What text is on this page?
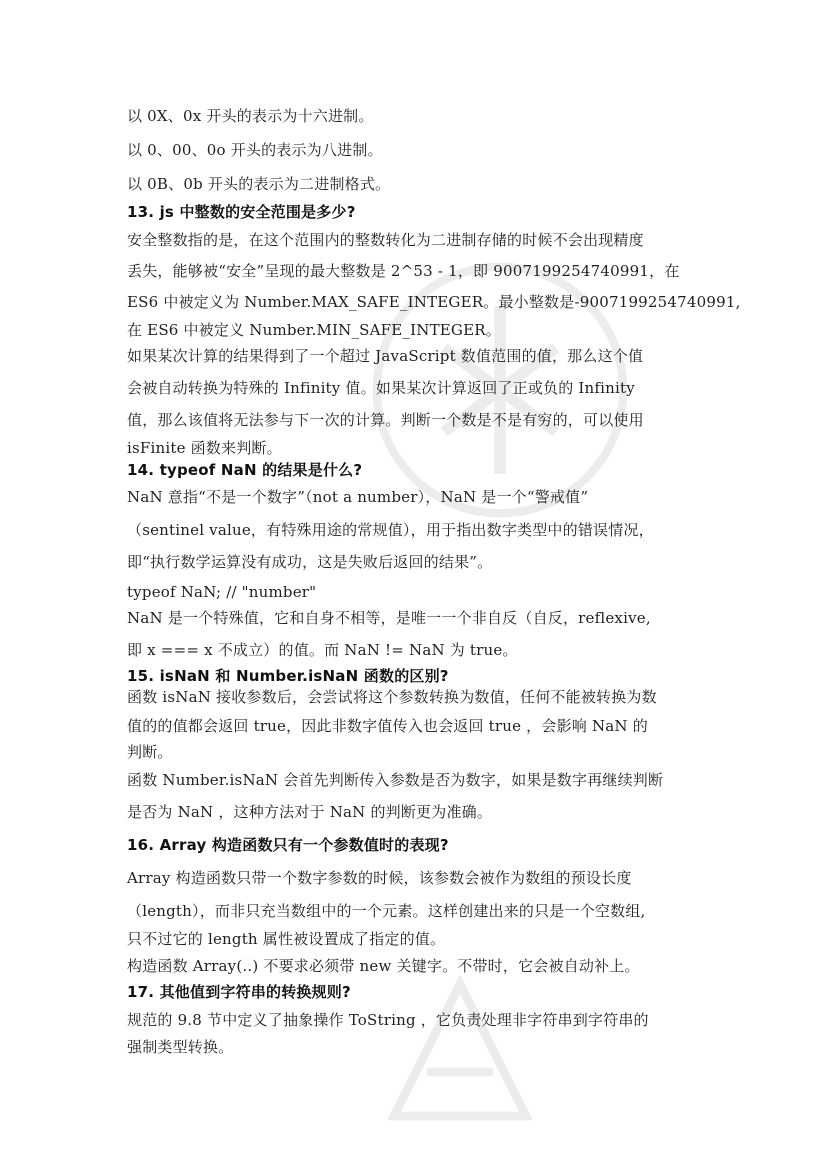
以 0X、0x 开头的表示为十六进制。
以 0、00、0o 开头的表示为八进制。
以 0B、0b 开头的表示为二进制格式。
13. js 中整数的安全范围是多少?
安全整数指的是，在这个范围内的整数转化为二进制存储的时候不会出现精度
丢失，能够被“安全”呈现的最大整数是 2^53 - 1，即 9007199254740991，在
ES6 中被定义为 Number.MAX_SAFE_INTEGER。最小整数是-9007199254740991,
在 ES6 中被定义 Number.MIN_SAFE_INTEGER。
如果某次计算的结果得到了一个超过 JavaScript 数值范围的值，那么这个值
会被自动转换为特殊的 Infinity 值。如果某次计算返回了正或负的 Infinity
值，那么该值将无法参与下一次的计算。判断一个数是不是有穷的，可以使用
isFinite 函数来判断。
14. typeof NaN 的结果是什么?
NaN 意指“不是一个数字”（not a number），NaN 是一个“警戒值”
（sentinel value，有特殊用途的常规值），用于指出数字类型中的错误情况，
即“执行数学运算没有成功，这是失败后返回的结果”。
typeof NaN; // "number"
NaN 是一个特殊值，它和自身不相等，是唯一一个非自反（自反，reflexive,
即 x === x 不成立）的值。而 NaN != NaN 为 true。
15. isNaN 和 Number.isNaN 函数的区别?
函数 isNaN 接收参数后，会尝试将这个参数转换为数值，任何不能被转换为数
值的的值都会返回 true，因此非数字值传入也会返回 true ，会影响 NaN 的
判断。
函数 Number.isNaN 会首先判断传入参数是否为数字，如果是数字再继续判断
是否为 NaN ，这种方法对于 NaN 的判断更为准确。
16. Array 构造函数只有一个参数值时的表现?
Array 构造函数只带一个数字参数的时候，该参数会被作为数组的预设长度
（length），而非只充当数组中的一个元素。这样创建出来的只是一个空数组,
只不过它的 length 属性被设置成了指定的值。
构造函数 Array(..) 不要求必须带 new 关键字。不带时，它会被自动补上。
17. 其他值到字符串的转换规则?
规范的 9.8 节中定义了抽象操作 ToString ，它负责处理非字符串到字符串的
强制类型转换。
